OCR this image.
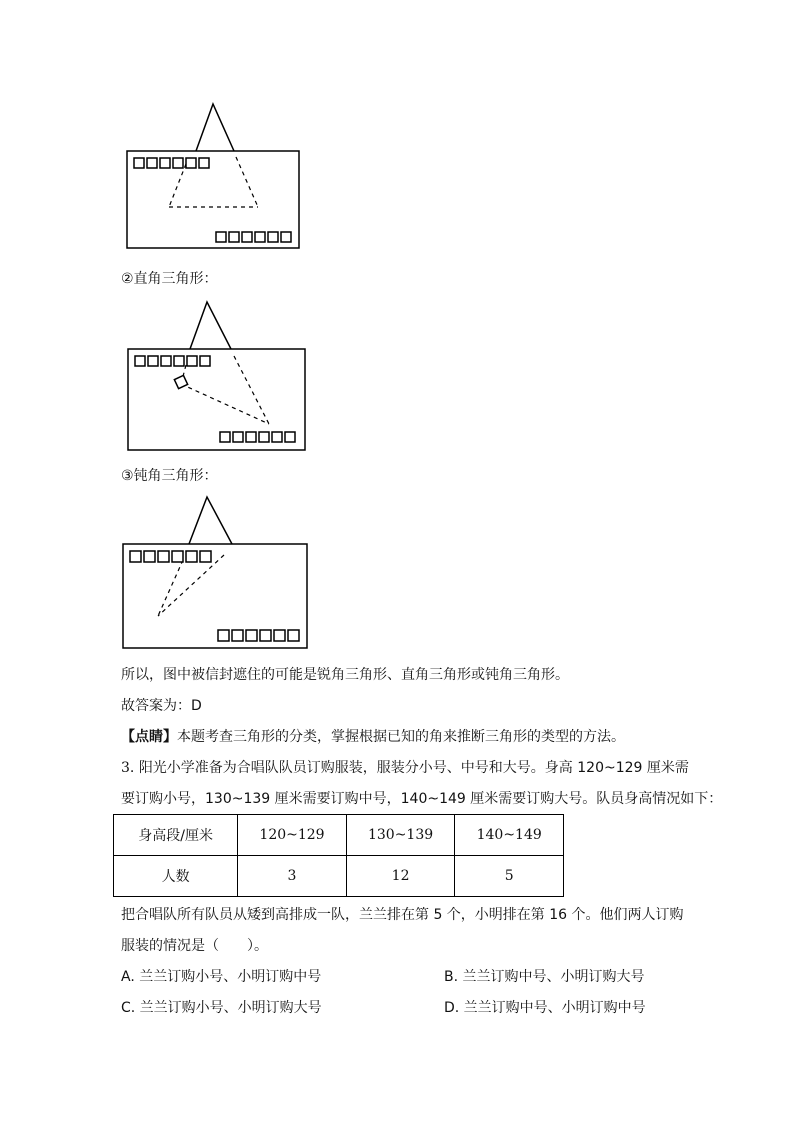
②直角三角形：
③钝角三角形：
所以，图中被信封遮住的可能是锐角三角形、直角三角形或钝角三角形。
故答案为：D
【点睛】本题考查三角形的分类，掌握根据已知的角来推断三角形的类型的方法。
3. 阳光小学准备为合唱队队员订购服装，服装分小号、中号和大号。身高 120~129 厘米需
要订购小号，130~139 厘米需要订购中号，140~149 厘米需要订购大号。队员身高情况如下：
身高段/厘米	120~129	130~139	140~149
人数	3	12	5
把合唱队所有队员从矮到高排成一队，兰兰排在第 5 个，小明排在第 16 个。他们两人订购
服装的情况是（　　）。
A. 兰兰订购小号、小明订购中号	B. 兰兰订购中号、小明订购大号
C. 兰兰订购小号、小明订购大号	D. 兰兰订购中号、小明订购中号
